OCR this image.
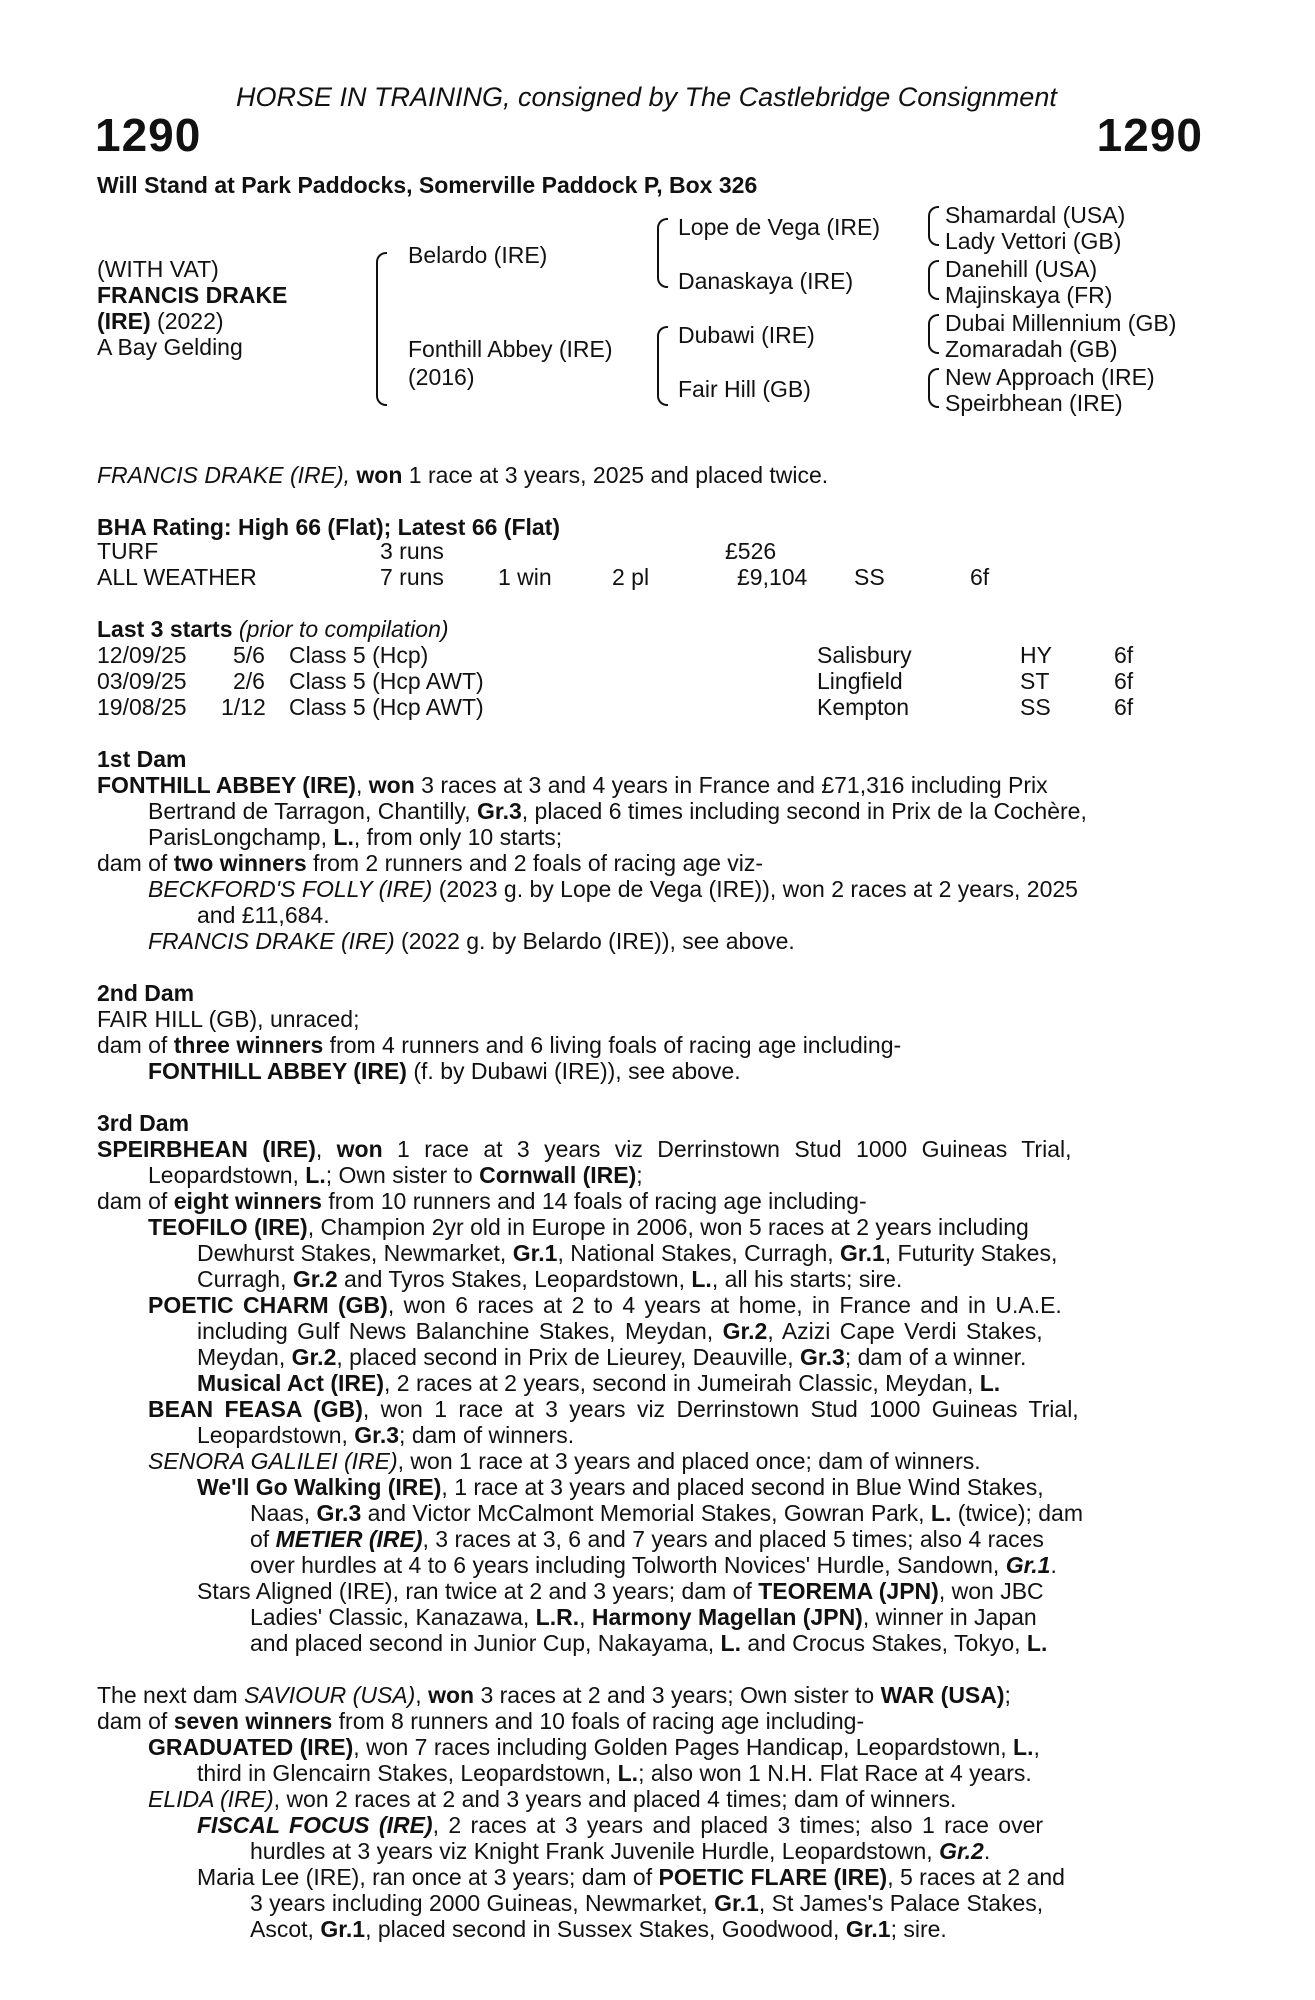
HORSE IN TRAINING, consigned by The Castlebridge Consignment
1290	1290
Will Stand at Park Paddocks, Somerville Paddock P, Box 326
(WITH VAT)
FRANCIS DRAKE
(IRE) (2022)
A Bay Gelding
Belardo (IRE)
Fonthill Abbey (IRE)
(2016)
Lope de Vega (IRE)
Danaskaya (IRE)
Dubawi (IRE)
Fair Hill (GB)
Shamardal (USA)
Lady Vettori (GB)
Danehill (USA)
Majinskaya (FR)
Dubai Millennium (GB)
Zomaradah (GB)
New Approach (IRE)
Speirbhean (IRE)
FRANCIS DRAKE (IRE), won 1 race at 3 years, 2025 and placed twice.
BHA Rating: High 66 (Flat); Latest 66 (Flat)
TURF	3 runs	£526
ALL WEATHER	7 runs 1 win	2 pl	£9,104 SS	6f
Last 3 starts (prior to compilation)
12/09/25 5/6 Class 5 (Hcp)	Salisbury	HY	6f
03/09/25 2/6 Class 5 (Hcp AWT)	Lingfield	ST	6f
19/08/25 1/12 Class 5 (Hcp AWT)	Kempton	SS	6f
1st Dam
FONTHILL ABBEY (IRE), won 3 races at 3 and 4 years in France and £71,316 including Prix
Bertrand de Tarragon, Chantilly, Gr.3, placed 6 times including second in Prix de la Cochère,
ParisLongchamp, L., from only 10 starts;
dam of two winners from 2 runners and 2 foals of racing age viz-
BECKFORD'S FOLLY (IRE) (2023 g. by Lope de Vega (IRE)), won 2 races at 2 years, 2025
and £11,684.
FRANCIS DRAKE (IRE) (2022 g. by Belardo (IRE)), see above.
2nd Dam
FAIR HILL (GB), unraced;
dam of three winners from 4 runners and 6 living foals of racing age including-
FONTHILL ABBEY (IRE) (f. by Dubawi (IRE)), see above.
3rd Dam
SPEIRBHEAN (IRE), won 1 race at 3 years viz Derrinstown Stud 1000 Guineas Trial,
Leopardstown, L.; Own sister to Cornwall (IRE);
dam of eight winners from 10 runners and 14 foals of racing age including-
TEOFILO (IRE), Champion 2yr old in Europe in 2006, won 5 races at 2 years including
Dewhurst Stakes, Newmarket, Gr.1, National Stakes, Curragh, Gr.1, Futurity Stakes,
Curragh, Gr.2 and Tyros Stakes, Leopardstown, L., all his starts; sire.
POETIC CHARM (GB), won 6 races at 2 to 4 years at home, in France and in U.A.E.
including Gulf News Balanchine Stakes, Meydan, Gr.2, Azizi Cape Verdi Stakes,
Meydan, Gr.2, placed second in Prix de Lieurey, Deauville, Gr.3; dam of a winner.
Musical Act (IRE), 2 races at 2 years, second in Jumeirah Classic, Meydan, L.
BEAN FEASA (GB), won 1 race at 3 years viz Derrinstown Stud 1000 Guineas Trial,
Leopardstown, Gr.3; dam of winners.
SENORA GALILEI (IRE), won 1 race at 3 years and placed once; dam of winners.
We'll Go Walking (IRE), 1 race at 3 years and placed second in Blue Wind Stakes,
Naas, Gr.3 and Victor McCalmont Memorial Stakes, Gowran Park, L. (twice); dam
of METIER (IRE), 3 races at 3, 6 and 7 years and placed 5 times; also 4 races
over hurdles at 4 to 6 years including Tolworth Novices' Hurdle, Sandown, Gr.1.
Stars Aligned (IRE), ran twice at 2 and 3 years; dam of TEOREMA (JPN), won JBC
Ladies' Classic, Kanazawa, L.R., Harmony Magellan (JPN), winner in Japan
and placed second in Junior Cup, Nakayama, L. and Crocus Stakes, Tokyo, L.
The next dam SAVIOUR (USA), won 3 races at 2 and 3 years; Own sister to WAR (USA);
dam of seven winners from 8 runners and 10 foals of racing age including-
GRADUATED (IRE), won 7 races including Golden Pages Handicap, Leopardstown, L.,
third in Glencairn Stakes, Leopardstown, L.; also won 1 N.H. Flat Race at 4 years.
ELIDA (IRE), won 2 races at 2 and 3 years and placed 4 times; dam of winners.
FISCAL FOCUS (IRE), 2 races at 3 years and placed 3 times; also 1 race over
hurdles at 3 years viz Knight Frank Juvenile Hurdle, Leopardstown, Gr.2.
Maria Lee (IRE), ran once at 3 years; dam of POETIC FLARE (IRE), 5 races at 2 and
3 years including 2000 Guineas, Newmarket, Gr.1, St James's Palace Stakes,
Ascot, Gr.1, placed second in Sussex Stakes, Goodwood, Gr.1; sire.
